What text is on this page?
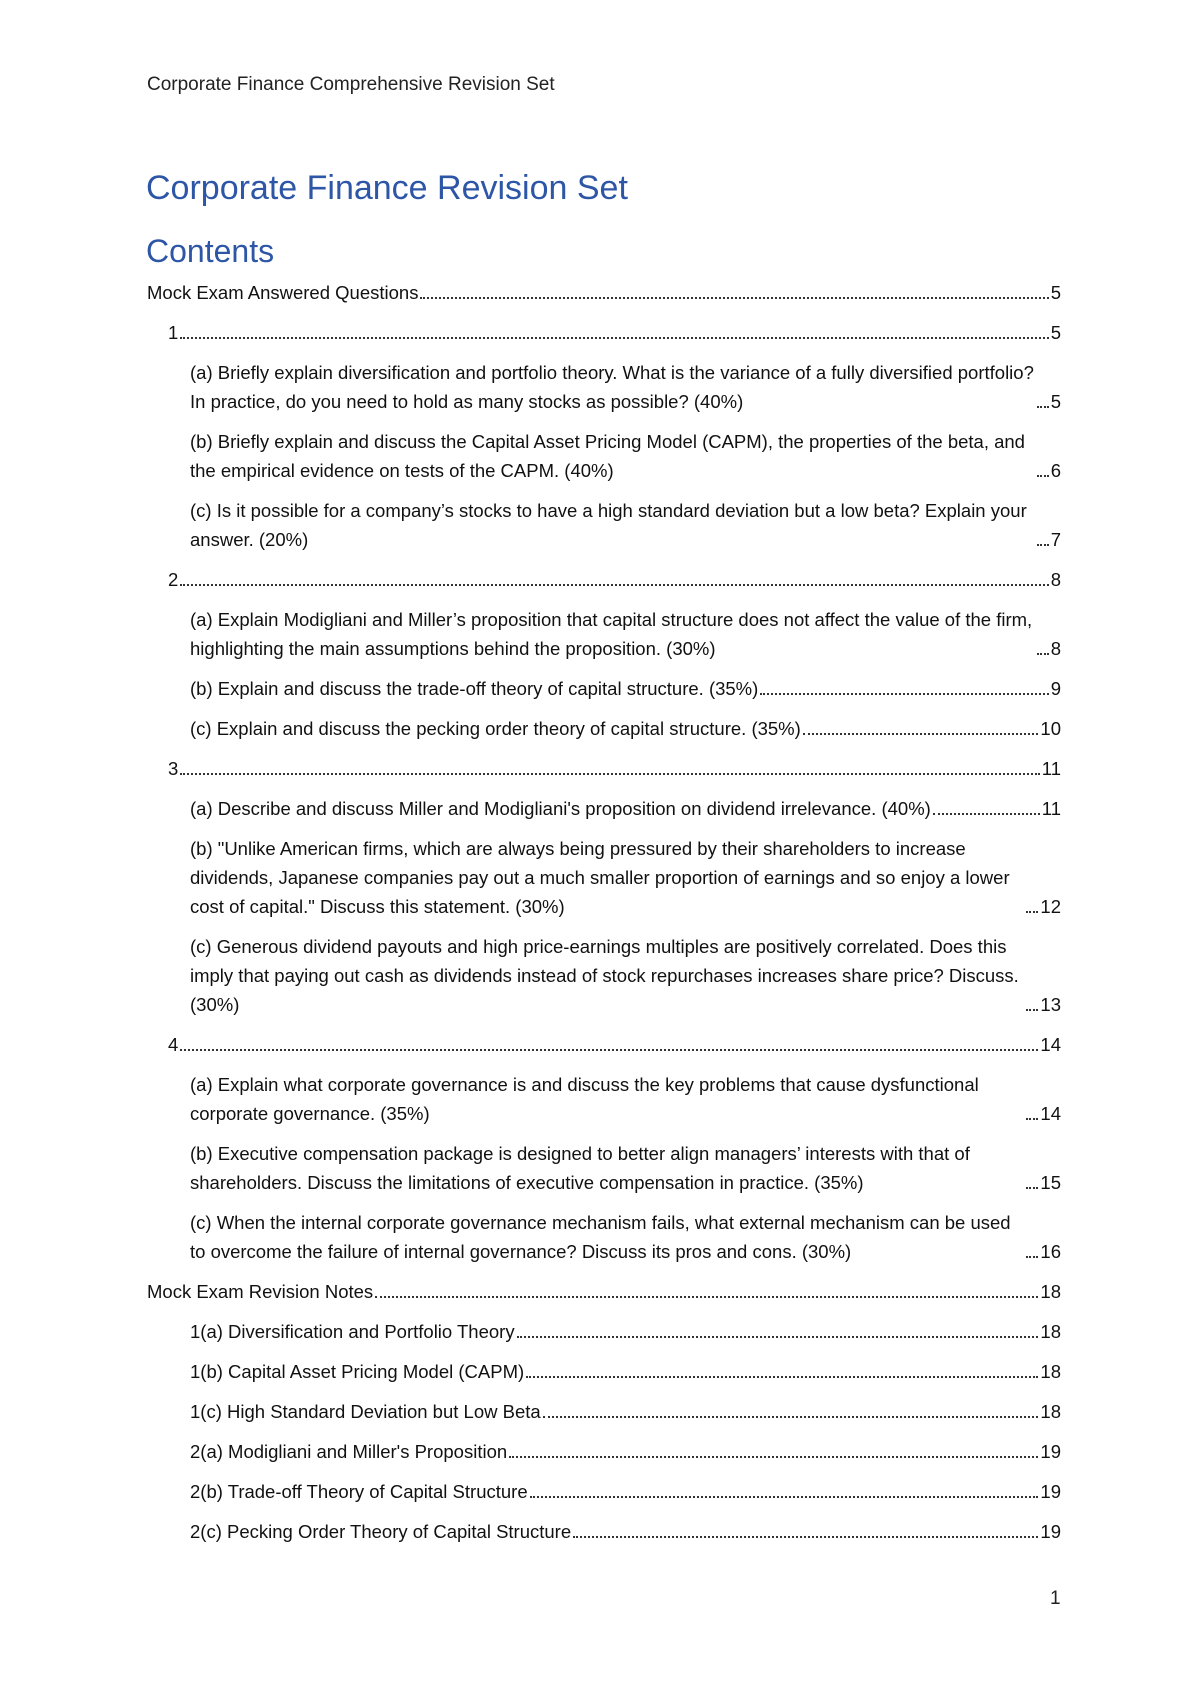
Corporate Finance Comprehensive Revision Set
Corporate Finance Revision Set
Contents
Mock Exam Answered Questions	5
1	5
(a) Briefly explain diversification and portfolio theory. What is the variance of a fully diversified portfolio? In practice, do you need to hold as many stocks as possible? (40%)	5
(b) Briefly explain and discuss the Capital Asset Pricing Model (CAPM), the properties of the beta, and the empirical evidence on tests of the CAPM. (40%)	6
(c) Is it possible for a company’s stocks to have a high standard deviation but a low beta? Explain your answer. (20%)	7
2	8
(a) Explain Modigliani and Miller’s proposition that capital structure does not affect the value of the firm, highlighting the main assumptions behind the proposition. (30%)	8
(b) Explain and discuss the trade-off theory of capital structure. (35%)	9
(c) Explain and discuss the pecking order theory of capital structure. (35%)	10
3	11
(a) Describe and discuss Miller and Modigliani's proposition on dividend irrelevance. (40%)	11
(b) "Unlike American firms, which are always being pressured by their shareholders to increase dividends, Japanese companies pay out a much smaller proportion of earnings and so enjoy a lower cost of capital." Discuss this statement. (30%)	12
(c) Generous dividend payouts and high price-earnings multiples are positively correlated. Does this imply that paying out cash as dividends instead of stock repurchases increases share price? Discuss. (30%)	13
4	14
(a) Explain what corporate governance is and discuss the key problems that cause dysfunctional corporate governance. (35%)	14
(b) Executive compensation package is designed to better align managers’ interests with that of shareholders. Discuss the limitations of executive compensation in practice. (35%)	15
(c) When the internal corporate governance mechanism fails, what external mechanism can be used to overcome the failure of internal governance? Discuss its pros and cons. (30%)	16
Mock Exam Revision Notes	18
1(a) Diversification and Portfolio Theory	18
1(b) Capital Asset Pricing Model (CAPM)	18
1(c) High Standard Deviation but Low Beta	18
2(a) Modigliani and Miller's Proposition	19
2(b) Trade-off Theory of Capital Structure	19
2(c) Pecking Order Theory of Capital Structure	19
1
